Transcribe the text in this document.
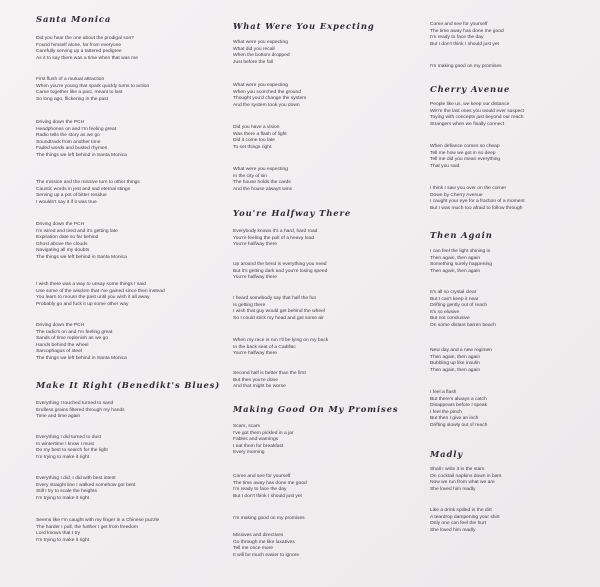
Santa Monica
Did you hear the one about the prodigal son?
Found himself alone, far from everyone
Carefully serving up a tattered pedigree
As it to say there was a time when that was me
First flush of a mutual attraction
When you're young that spark quickly turns to action
Came together like a pact, meant to last
So long ago, flickering in the past
Driving down the PCH
Headphones on and I'm feeling great
Radio tells the story as we go
Soundtrack from another time
Faded words and busted rhymes
The things we left behind in Santa Monica
The mission and the missive turn to other things
Caustic words in jest and sad eternal stings
Serving up a pot of bitter residue
I wouldn't say it if it was true
Driving down the PCH
I'm wired and tired and it's getting late
Expiration date so far behind
Ghost above the clouds
Navigating all my doubts
The things we left behind in Santa Monica
I wish there was a way to unsay some things I said
Use some of the wisdom that I've gained since then instead
You learn to mourn the past until you wish it all away
Probably go and fuck it up some other way
Driving down the PCH
The radio's on and I'm feeling great
Sands of time replenish as we go
Hands behind the wheel
Sarcophagus of steel
The things we left behind in Santa Monica
Make It Right (Benedikt's Blues)
Everything I touched turned to sand
Endless grains filtered through my hands
Time and time again
Everything I did turned to dust
In wintertime I know I must
Do my best to search for the light
I'm trying to make it right
Everything I did, I did with best intent
Every straight line I walked somehow got bent
Still I try to scale the heights
I'm trying to make it right
Seems like I'm caught with my finger in a Chinese puzzle
The harder I pull, the further I get from freedom
Lord knows that I try
I'm trying to make it right
What Were You Expecting
What were you expecting
What did you recall
When the bottom dropped
Just before the fall
What were you expecting
When you scorched the ground
Thought you'd change the system
And the system took you down
Did you have a vision
Was there a flash of light
Did it come too late
To set things right
What were you expecting
In the city of sin
The house holds the cards
And the house always wins
You're Halfway There
Everybody knows it's a hard, hard road
You're feeling the pull of a heavy load
You're halfway there
Up around the bend is everything you need
But it's getting dark and you're losing speed
You're halfway there
I heard somebody say that half the fun
Is getting there
I wish that guy would get behind the wheel
So I could stick my head and get some air
When my race is run I'll be lying on my back
In the back seat of a Cadillac
You're halfway there
Second half is better than the first
But then you're done
And that might be worse
Making Good On My Promises
Scars, scars
I've got them pickled in a jar
Fables and warnings
I eat them for breakfast
Every morning
Come and see for yourself
The time away has done me good
I'm ready to face the day
But I don't think I should just yet
I'm making good on my promises
Missives and directives
Go through me like laxatives
Tell me once more
It will be much easier to ignore
Come and see for yourself
The time away has done me good
I'm ready to face the day
But I don't think I should just yet
I'm making good on my promises
Cherry Avenue
People like us, we keep our distance
We're the last ones you would ever suspect
Toying with concepts just beyond our reach
Strangers when we finally connect
When defiance comes so cheap
Tell me how we got in so deep
Tell me did you mean everything
That you said
I think I saw you over on the corner
Down by Cherry Avenue
I caught your eye for a fraction of a moment
But I was much too afraid to follow through
Then Again
I can feel the light shining in
Then again, then again
Something surely happening
Then again, then again
It's all so crystal clear
But I can't keep it near
Drifting gently out of reach
It's so elusive
But not conclusive
On some distant barren beach
New day and a new regimen
Then again, then again
Bubbling up like insulin
Then again, then again
I feel a flash
But there's always a catch
Disappears before I speak
I feel the pinch
But then I give an inch
Drifting slowly out of reach
Madly
Shall I write it in the stars
On cocktail napkins down in bars
Now we run from what we are
She loved him madly
Like a drink spilled in the dirt
A teardrop dampening your shirt
Only one can feel the hurt
She loved him madly
